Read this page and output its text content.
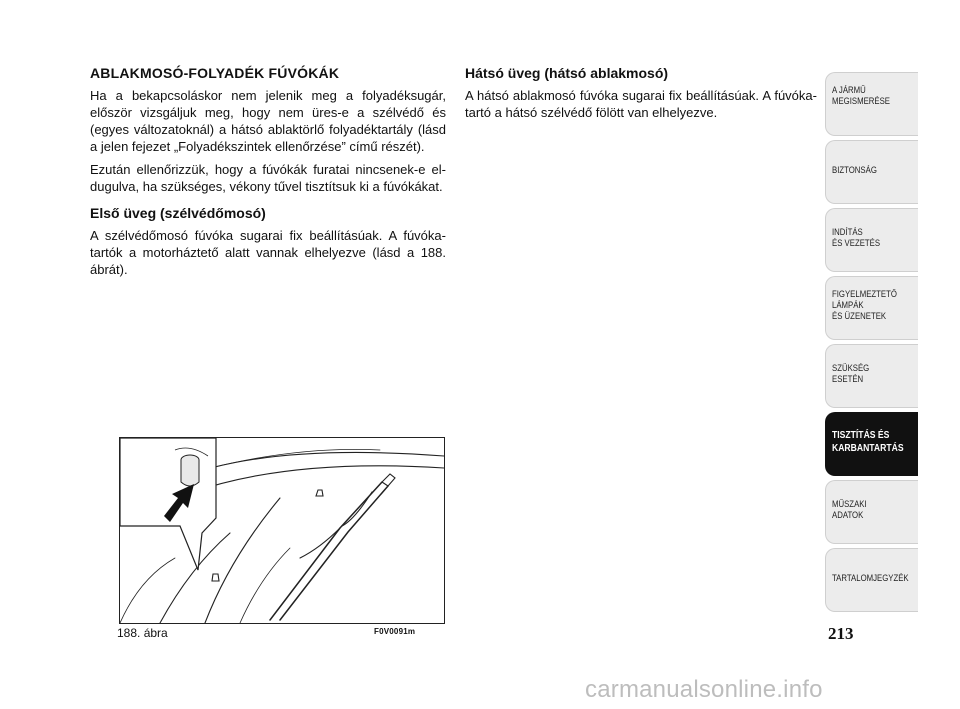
ABLAKMOSÓ-FOLYADÉK FÚVÓKÁK

Ha a bekapcsoláskor nem jelenik meg a folyadéksugár, először vizsgáljuk meg, hogy nem üres-e a szélvédő és (egyes változatoknál) a hátsó ablaktörlő folyadéktartály (lásd a jelen fejezet „Folyadékszintek ellenőrzése” című részét).

Ezután ellenőrizzük, hogy a fúvókák furatai nincsenek-e eldugulva, ha szükséges, vékony tűvel tisztítsuk ki a fúvókákat.

Első üveg (szélvédőmosó)

A szélvédőmosó fúvóka sugarai fix beállításúak. A fúvókatartók a motorháztető alatt vannak elhelyezve (lásd a 188. ábrát).

Hátsó üveg (hátsó ablakmosó)

A hátsó ablakmosó fúvóka sugarai fix beállításúak. A fúvókatartó a hátsó szélvédő fölött van elhelyezve.

188. ábra	F0V0091m
A JÁRMŰ
MEGISMERÉSE
BIZTONSÁG
INDÍTÁS
ÉS VEZETÉS
FIGYELMEZTETŐ
LÁMPÁK
ÉS ÜZENETEK
SZÜKSÉG
ESETÉN
TISZTÍTÁS ÉS
KARBANTARTÁS
MŰSZAKI
ADATOK
TARTALOMJEGYZÉK
213
carmanualsonline.info
